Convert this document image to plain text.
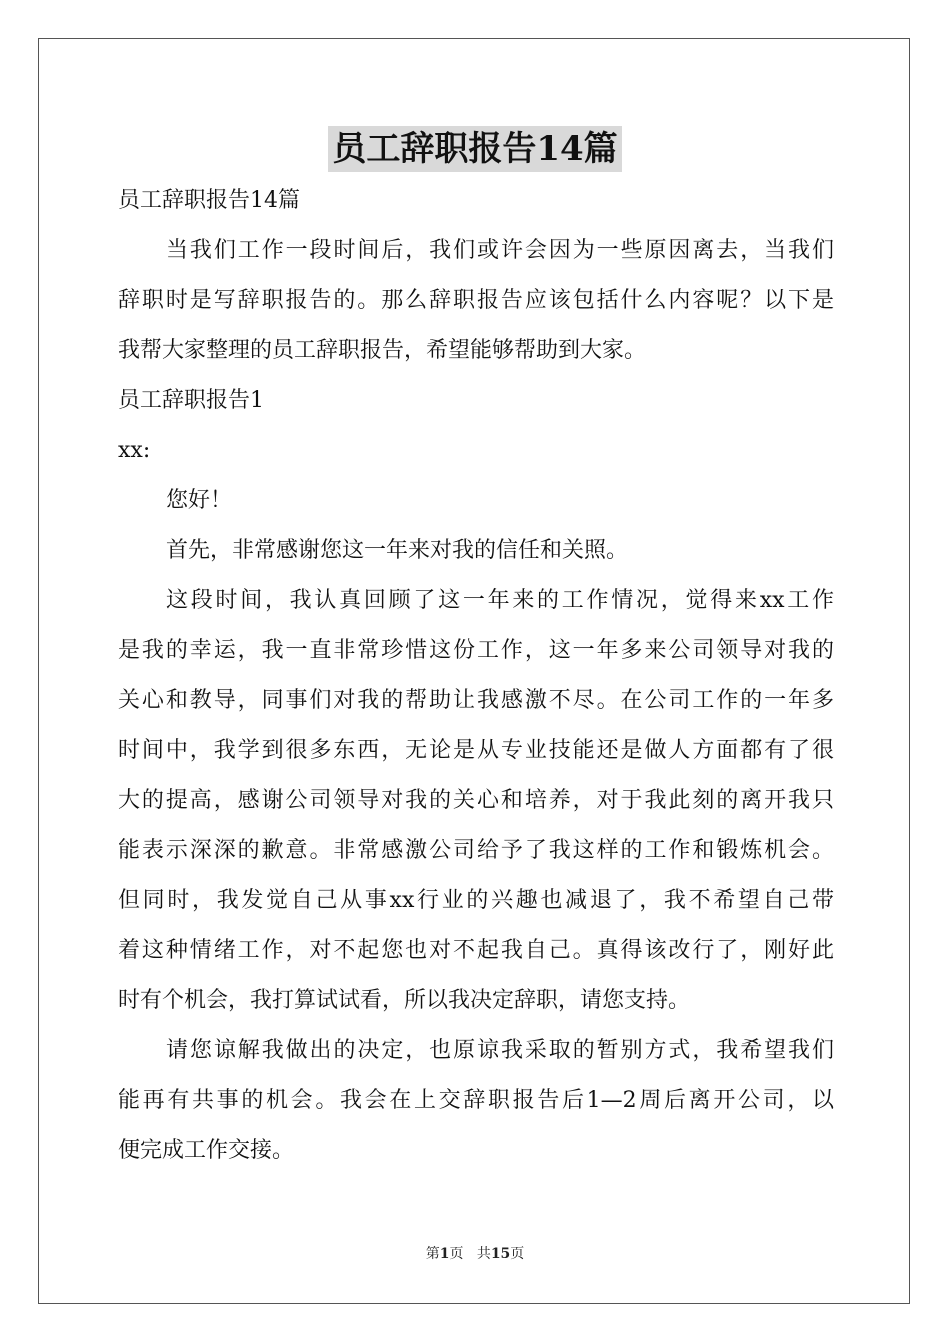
员工辞职报告14篇

员工辞职报告14篇

当我们工作一段时间后，我们或许会因为一些原因离去，当我们

辞职时是写辞职报告的。那么辞职报告应该包括什么内容呢？以下是

我帮大家整理的员工辞职报告，希望能够帮助到大家。

员工辞职报告1

xx:

您好！

首先，非常感谢您这一年来对我的信任和关照。

这段时间，我认真回顾了这一年来的工作情况，觉得来xx工作

是我的幸运，我一直非常珍惜这份工作，这一年多来公司领导对我的

关心和教导，同事们对我的帮助让我感激不尽。在公司工作的一年多

时间中，我学到很多东西，无论是从专业技能还是做人方面都有了很

大的提高，感谢公司领导对我的关心和培养，对于我此刻的离开我只

能表示深深的歉意。非常感激公司给予了我这样的工作和锻炼机会。

但同时，我发觉自己从事xx行业的兴趣也减退了，我不希望自己带

着这种情绪工作，对不起您也对不起我自己。真得该改行了，刚好此

时有个机会，我打算试试看，所以我决定辞职，请您支持。

请您谅解我做出的决定，也原谅我采取的暂别方式，我希望我们

能再有共事的机会。我会在上交辞职报告后1—2周后离开公司，以

便完成工作交接。

第1页 共15页
